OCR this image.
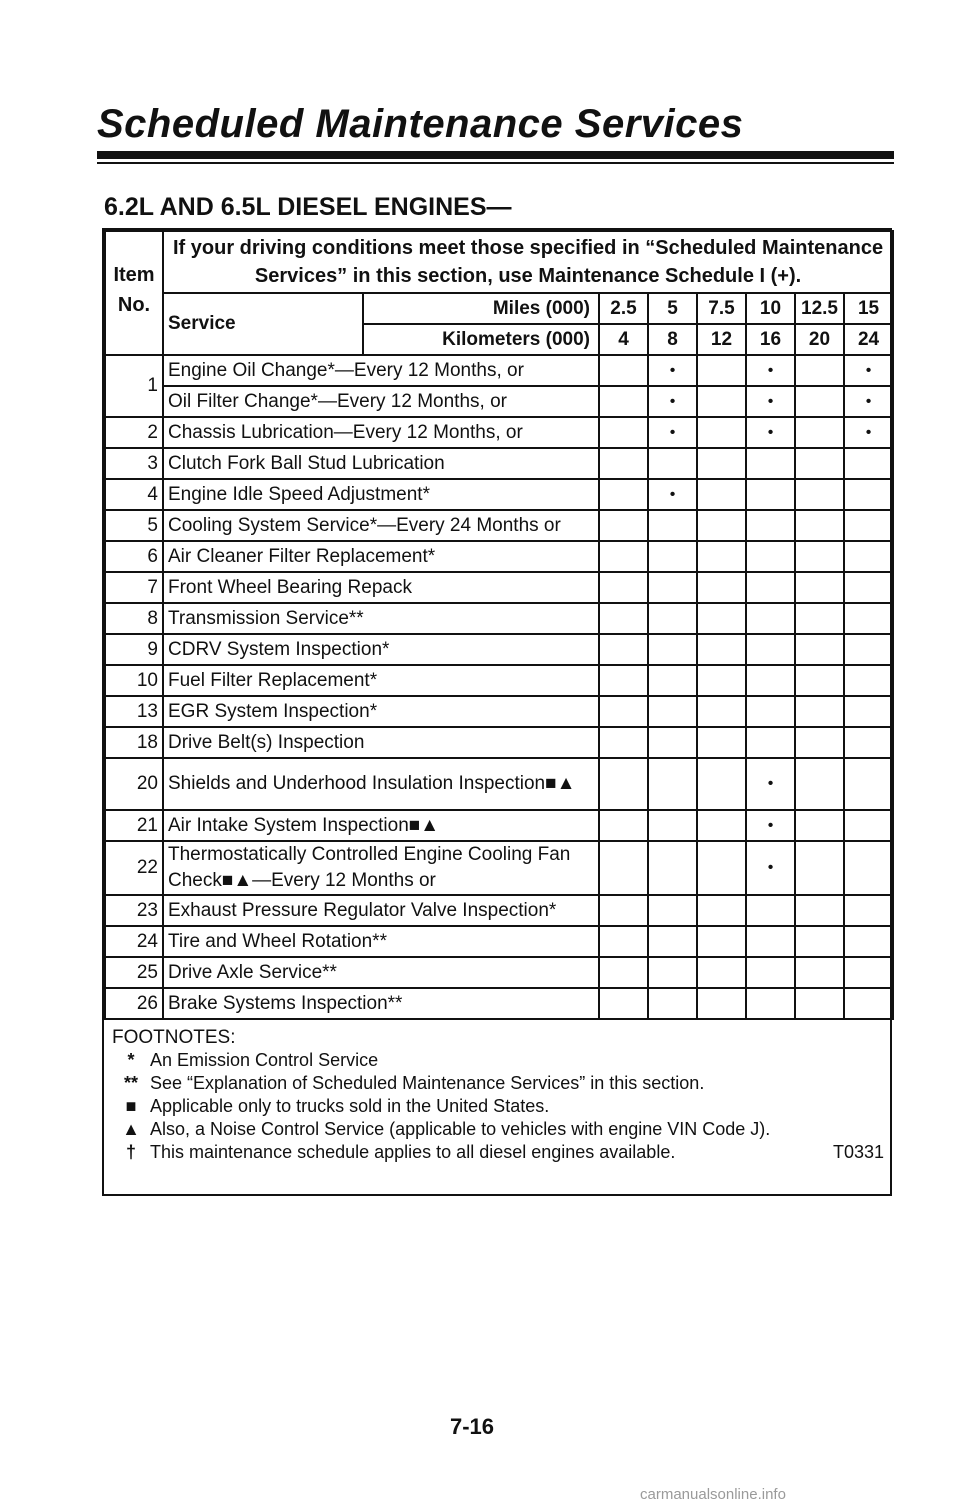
Scheduled Maintenance Services
6.2L AND 6.5L DIESEL ENGINES—
Item No.	If your driving conditions meet those specified in “Scheduled Maintenance Services” in this section, use Maintenance Schedule I (+).							
	Service	Miles (000)	2.5	5	7.5	10	12.5	15
		Kilometers (000)	4	8	12	16	20	24
1	Engine Oil Change*—Every 12 Months, or			•		•		•
	Oil Filter Change*—Every 12 Months, or			•		•		•
2	Chassis Lubrication—Every 12 Months, or			•		•		•
3	Clutch Fork Ball Stud Lubrication							
4	Engine Idle Speed Adjustment*			•				
5	Cooling System Service*—Every 24 Months or							
6	Air Cleaner Filter Replacement*							
7	Front Wheel Bearing Repack							
8	Transmission Service**							
9	CDRV System Inspection*							
10	Fuel Filter Replacement*							
13	EGR System Inspection*							
18	Drive Belt(s) Inspection							
20	Shields and Underhood Insulation Inspection■▲					•		
21	Air Intake System Inspection■▲					•		
22	Thermostatically Controlled Engine Cooling Fan Check■▲—Every 12 Months or					•		
23	Exhaust Pressure Regulator Valve Inspection*							
24	Tire and Wheel Rotation**							
25	Drive Axle Service**							
26	Brake Systems Inspection**							

FOOTNOTES:

* An Emission Control Service
** See “Explanation of Scheduled Maintenance Services” in this section.
■ Applicable only to trucks sold in the United States.
▲ Also, a Noise Control Service (applicable to vehicles with engine VIN Code J).
† This maintenance schedule applies to all diesel engines available.	T0331

7-16

carmanualsonline.info
